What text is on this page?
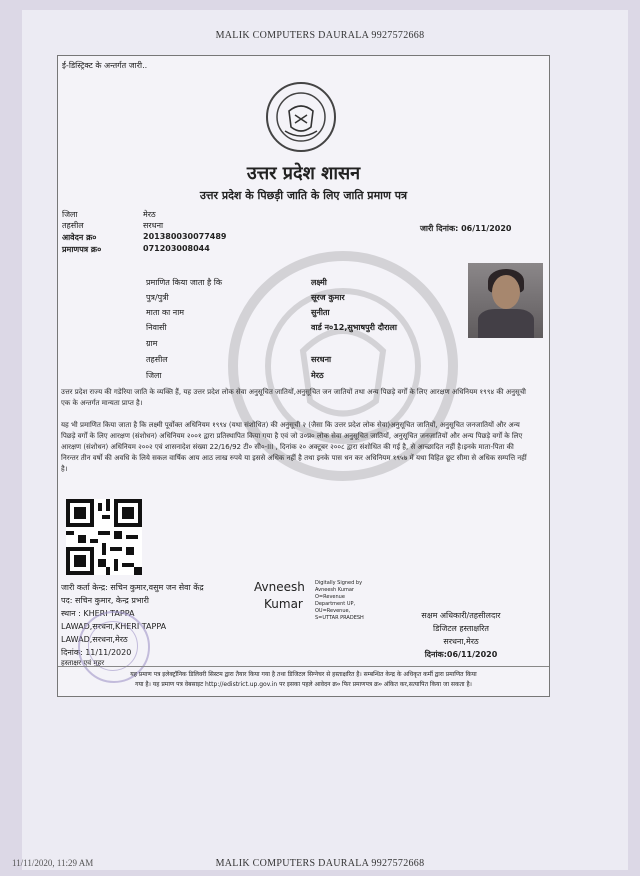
MALIK COMPUTERS DAURALA 9927572668
ई-डिस्ट्रिक्ट के अन्तर्गत जारी..
उत्तर प्रदेश शासन
उत्तर प्रदेश के पिछड़ी जाति के लिए जाति प्रमाण पत्र
जिला	मेरठ
तहसील	सरधना
आवेदन क्र०	201380030077489
प्रमाणपत्र क्र०	071203008044
जारी दिनांक: 06/11/2020
प्रमाणित किया जाता है कि	लक्ष्मी
पुत्र/पुत्री	सूरज कुमार
माता का नाम	सुनीता
निवासी	वार्ड न०12,सुभाषपुरी दौराला
ग्राम
तहसील	सरधना
जिला	मेरठ
उत्तर प्रदेश राज्य की गडेरिया जाति के व्यक्ति हैं, यह उत्तर प्रदेश लोक सेवा अनुसूचित जातियों,अनुसूचित जन जातियों तथा अन्य पिछड़े वर्गों के लिए आरक्षण अधिनियम १९९४ की अनुसूची एक के अन्तर्गत मान्यता प्राप्त है।
यह भी प्रमाणित किया जाता है कि लक्ष्मी पूर्वोक्त अधिनियम १९९४ (यथा संशोधित) की अनुसूची २ (जैसा कि उत्तर प्रदेश लोक सेवा)अनुसूचित जातियों, अनुसूचित जनजातियों और अन्य पिछड़े वर्गों के लिए आरक्षण (संशोधन) अधिनियम २००१ द्वारा प्रतिस्थापित किया गया है एवं जो उ०प्र० लोक सेवा अनुसूचित जातियों, अनुसूचित जनजातियों और अन्य पिछड़े वर्गों के लिए आरक्षण (संशोधन) अधिनियम २००२ एवं शासनादेश संख्या 22/16/92 टी० सी०-III , दिनांक २० अक्टूबर २००८ द्वारा संशोधित की गई है, से आच्छादित नहीं है।इनके माता-पिता की निरन्तर तीन वर्षो की अवधि के लिये सकल वार्षिक आय आठ लाख रुपये या इससे अधिक नहीं है तथा इनके पास धन कर अधिनियम १९५७ में यथा विहित छूट सीमा से अधिक सम्पत्ति नहीं है।
जारी कर्ता केन्द्र: सचिन कुमार,वसुम जन सेवा केंद्र
पद: सचिन कुमार, केन्द्र प्रभारी
स्थान : KHERI TAPPA
LAWAD,सरधना,KHERI TAPPA
LAWAD,सरधना,मेरठ
दिनांक: 11/11/2020
हस्ताक्षर एवं मुहर
Avneesh
Kumar
Digitally Signed by
Avneesh Kumar
O=Revenue
Department UP,
OU=Revenue,
S=UTTAR PRADESH	सक्षम अधिकारी/तहसीलदार
डिजिटल हस्ताक्षरित
सरधना,मेरठ
दिनांक:06/11/2020
यह प्रमाण पत्र इलेक्ट्रॉनिक डिलिवरी सिस्टम द्वारा तैयार किया गया है तथा डिजिटल सिग्नेचर से हस्ताक्षरित है। सम्बन्धित केन्द्र के अधिकृत कर्मी द्वारा प्रमाणित किया
गया है। यह प्रमाण पत्र वेबसाइट http://edistrict.up.gov.in पर इसका पहले आवेदन क्र० फिर प्रमाणपत्र क्र० अंकित कर,सत्यापित किया जा सकता है।
11/11/2020, 11:29 AM	MALIK COMPUTERS DAURALA 9927572668
